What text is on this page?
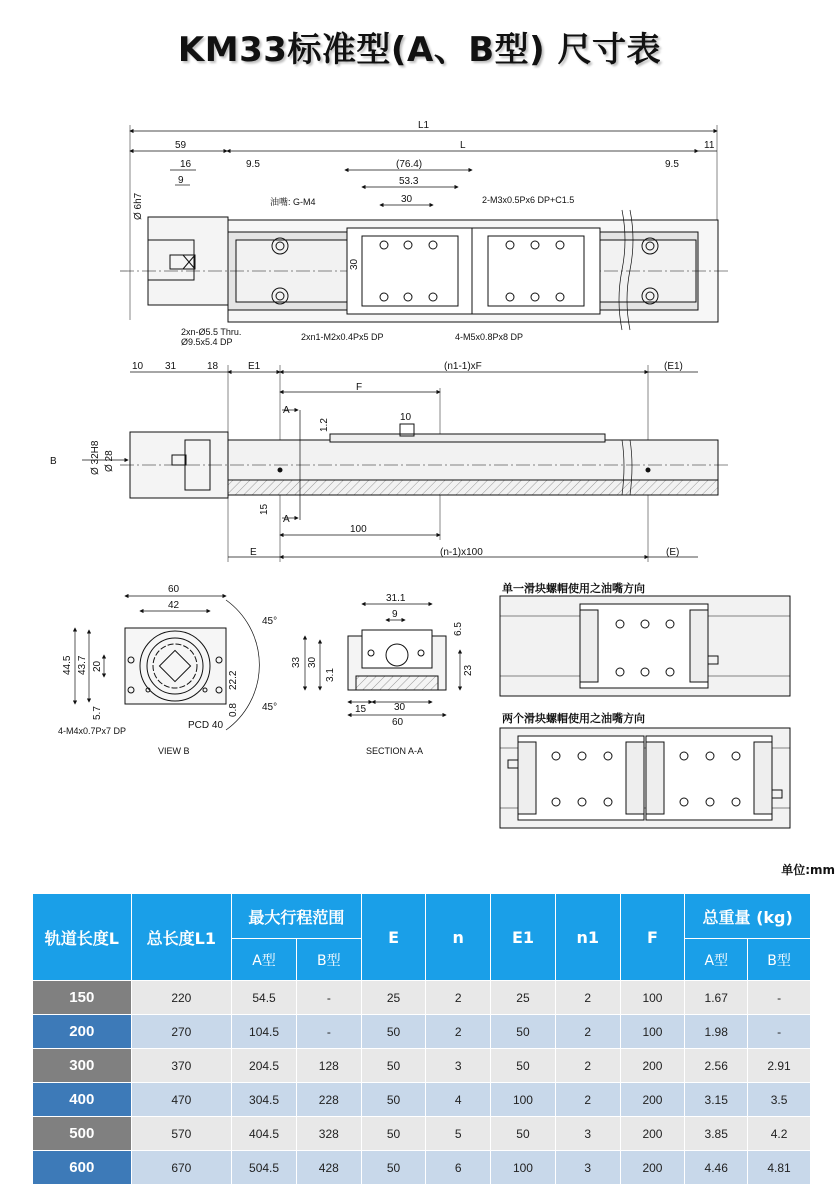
KM33标准型(A、B型) 尺寸表
L1
59	L	11
16
9
9.5	9.5
(76.4)
53.3
30
Ø 6h7
30
油嘴: G-M4	2-M3x0.5Px6 DP+C1.5
2xn-Ø5.5 Thru.
Ø9.5x5.4 DP	2xn1-M2x0.4Px5 DP	4-M5x0.8Px8 DP
10 31	18	E1	(n1-1)xF	(E1)
F
10
1.2
Ø 32H8 Ø 28
15
100
E	(n-1)x100	(E)
A
A
B
60
42
44.5 43.7 20
5.7
22.2
0.8
45°
45°
PCD 40
4-M4x0.7Px7 DP
VIEW B
31.1
9
6.5
33 30
3.1	23
15	30
60
SECTION A-A
单一滑块螺帽使用之油嘴方向
两个滑块螺帽使用之油嘴方向
单位:mm
轨道长度L	总长度L1	最大行程范围		E	n	E1	n1	F	总重量 (kg)	
		A型	B型						A型	B型
150	220	54.5	-	25	2	25	2	100	1.67	-
200	270	104.5	-	50	2	50	2	100	1.98	-
300	370	204.5	128	50	3	50	2	200	2.56	2.91
400	470	304.5	228	50	4	100	2	200	3.15	3.5
500	570	404.5	328	50	5	50	3	200	3.85	4.2
600	670	504.5	428	50	6	100	3	200	4.46	4.81
